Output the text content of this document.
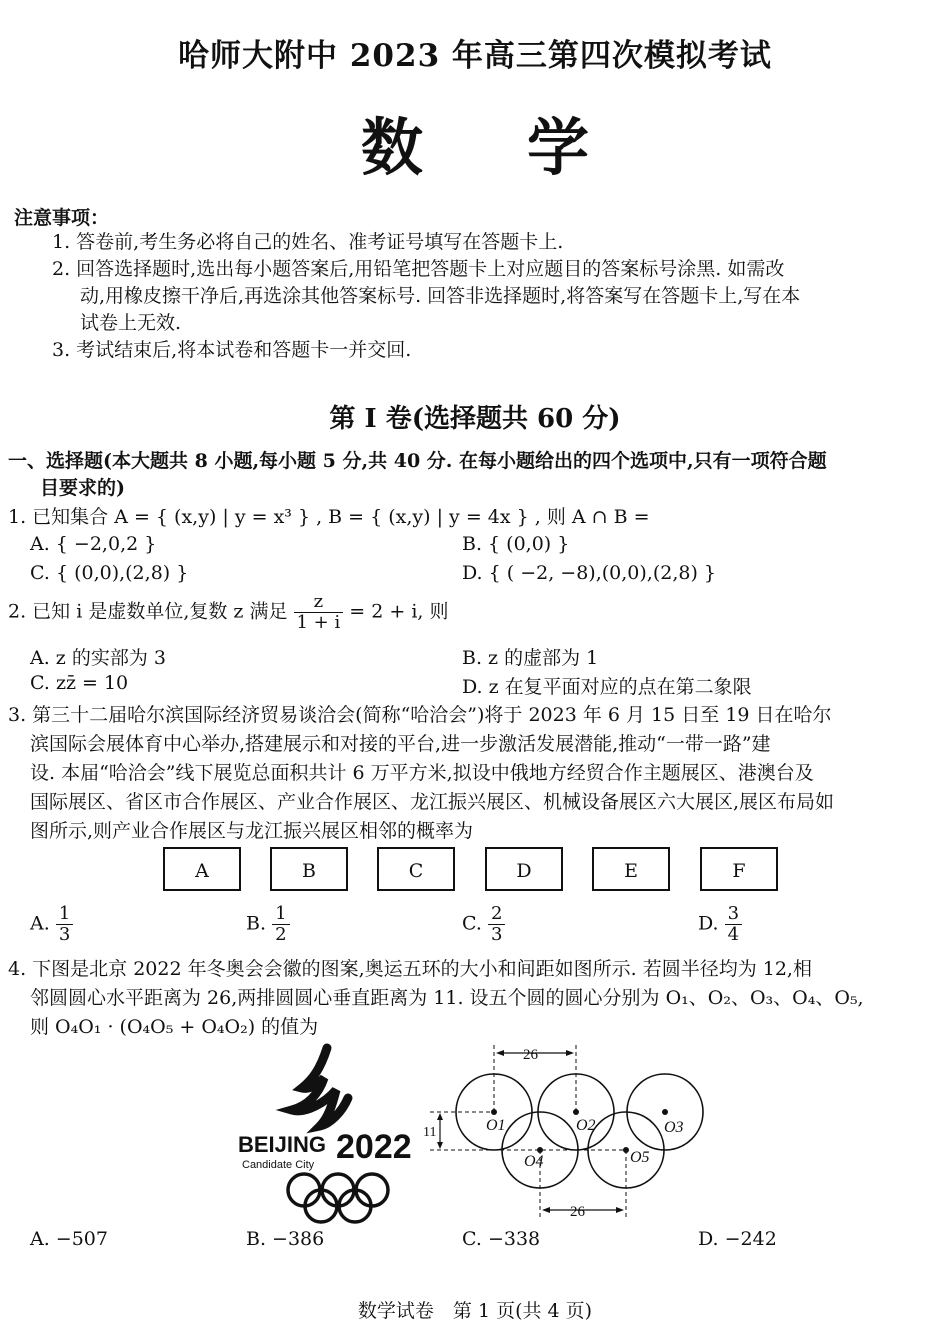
哈师大附中 2023 年高三第四次模拟考试
数 学
注意事项：
1. 答卷前,考生务必将自己的姓名、准考证号填写在答题卡上.
2. 回答选择题时,选出每小题答案后,用铅笔把答题卡上对应题目的答案标号涂黑. 如需改
动,用橡皮擦干净后,再选涂其他答案标号. 回答非选择题时,将答案写在答题卡上,写在本
试卷上无效.
3. 考试结束后,将本试卷和答题卡一并交回.
第 I 卷(选择题共 60 分)
一、选择题(本大题共 8 小题,每小题 5 分,共 40 分. 在每小题给出的四个选项中,只有一项符合题
目要求的)
1. 已知集合 A = { (x,y) | y = x³ } , B = { (x,y) | y = 4x } , 则 A ∩ B =
A. { −2,0,2 }	B. { (0,0) }
C. { (0,0),(2,8) }	D. { ( −2, −8),(0,0),(2,8) }
2. 已知 i 是虚数单位,复数 z 满足 $\frac{z}{1 + i} = 2 + i$, 则
A. z 的实部为 3	B. z 的虚部为 1
C. zz̄ = 10	D. z 在复平面对应的点在第二象限
3. 第三十二届哈尔滨国际经济贸易谈洽会(简称“哈洽会”)将于 2023 年 6 月 15 日至 19 日在哈尔
滨国际会展体育中心举办,搭建展示和对接的平台,进一步激活发展潜能,推动“一带一路”建
设. 本届“哈洽会”线下展览总面积共计 6 万平方米,拟设中俄地方经贸合作主题展区、港澳台及
国际展区、省区市合作展区、产业合作展区、龙江振兴展区、机械设备展区六大展区,展区布局如
图所示,则产业合作展区与龙江振兴展区相邻的概率为
A	B	C	D	E	F
A. $\frac{1}{3}$	B. $\frac{1}{2}$	C. $\frac{2}{3}$	D. $\frac{3}{4}$
4. 下图是北京 2022 年冬奥会会徽的图案,奥运五环的大小和间距如图所示. 若圆半径均为 12,相
邻圆圆心水平距离为 26,两排圆圆心垂直距离为 11. 设五个圆的圆心分别为 O₁、O₂、O₃、O₄、O₅,
则 O₄O₁ · (O₄O₅ + O₄O₂) 的值为
BEIJING
Candidate City 2022
26
26
11	O1	O2	O3
O4	O5
A. −507	B. −386	C. −338	D. −242
数学试卷　第 1 页(共 4 页)
